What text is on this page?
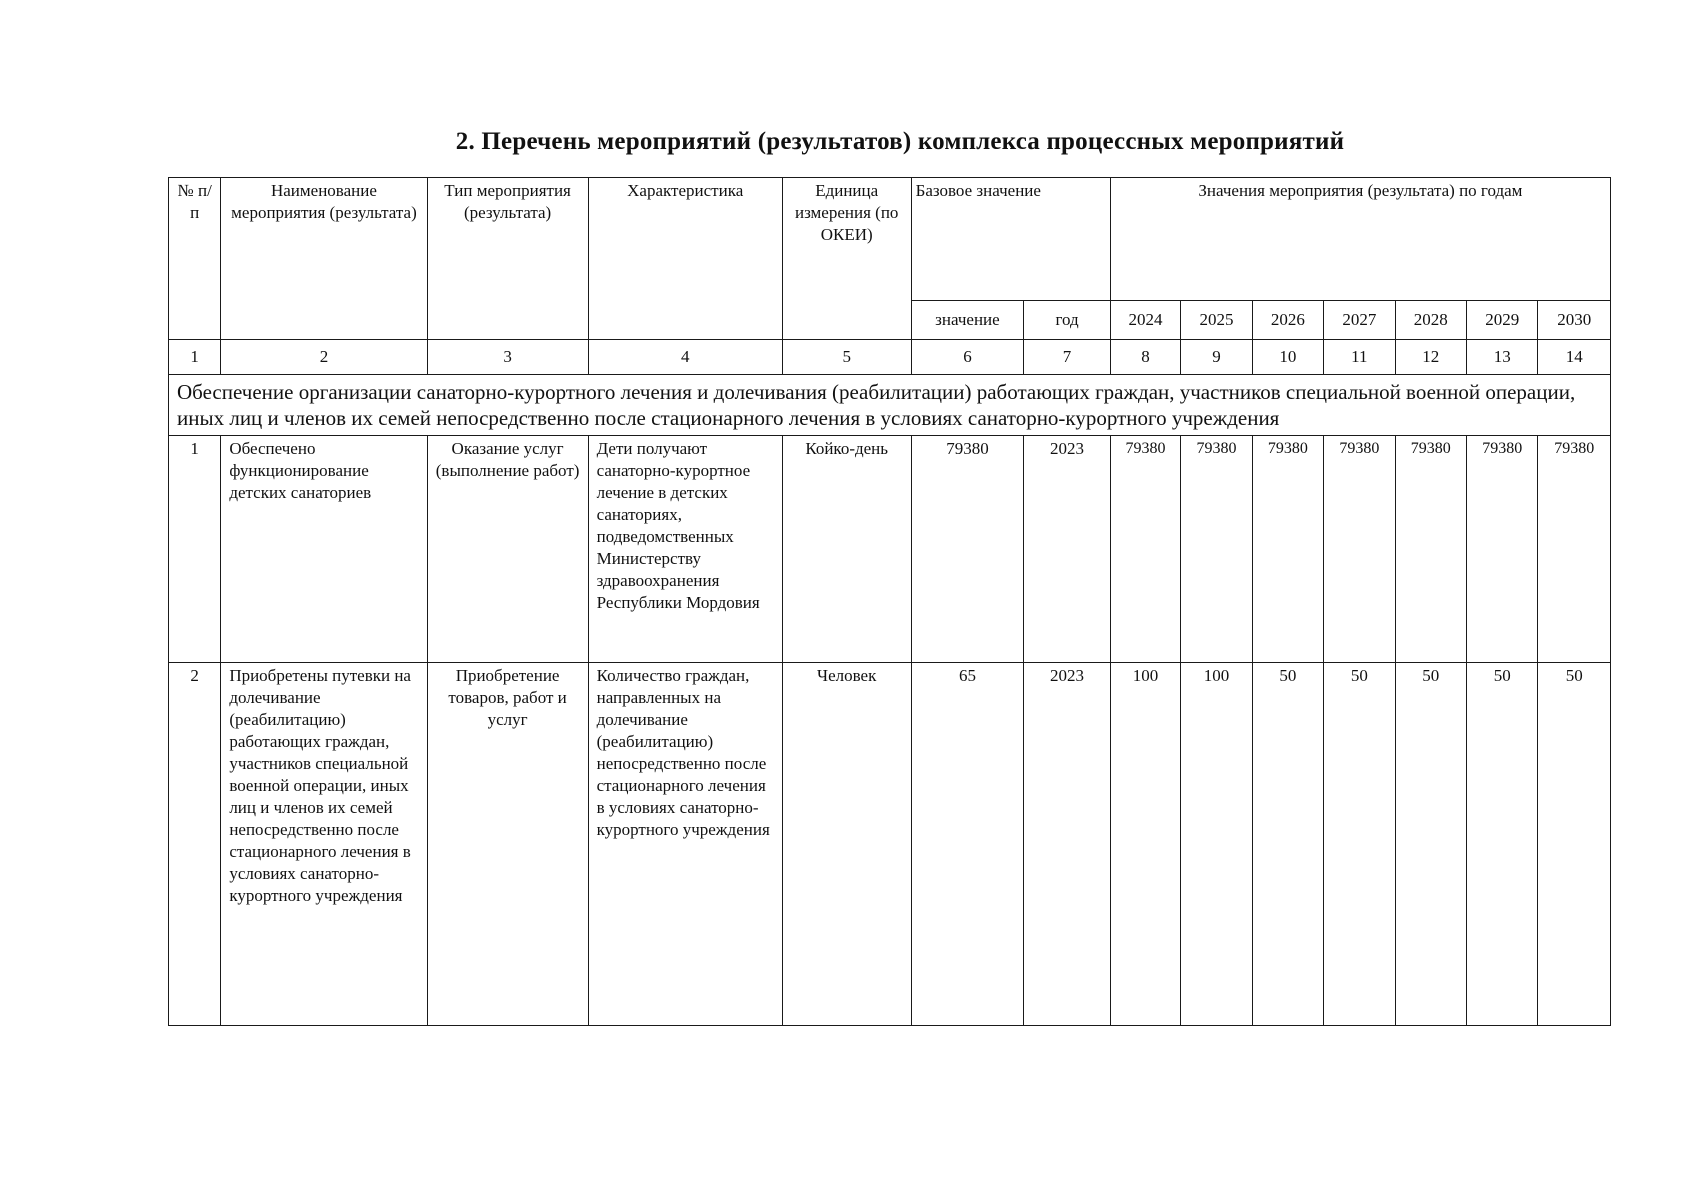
2. Перечень мероприятий (результатов) комплекса процессных мероприятий
№ п/п	Наименование мероприятия (результата)	Тип мероприятия (результата)	Характеристика	Единица измерения (по ОКЕИ)	Базовое значение		Значения мероприятия (результата) по годам						
					значение	год	2024	2025	2026	2027	2028	2029	2030
1	2	3	4	5	6	7	8	9	10	11	12	13	14
Обеспечение организации санаторно-курортного лечения и долечивания (реабилитации) работающих граждан, участников специальной военной операции, иных лиц и членов их семей непосредственно после стационарного лечения в условиях санаторно-курортного учреждения													
1	Обеспечено функционирование детских санаториев	Оказание услуг (выполнение работ)	Дети получают санаторно-курортное лечение в детских санаториях, подведомственных Министерству здравоохранения Республики Мордовия	Койко-день	79380	2023	79380	79380	79380	79380	79380	79380	79380
2	Приобретены путевки на долечивание (реабилитацию) работающих граждан, участников специальной военной операции, иных лиц и членов их семей непосредственно после стационарного лечения в условиях санаторно-курортного учреждения	Приобретение товаров, работ и услуг	Количество граждан, направленных на долечивание (реабилитацию) непосредственно после стационарного лечения в условиях санаторно-курортного учреждения	Человек	65	2023	100	100	50	50	50	50	50
